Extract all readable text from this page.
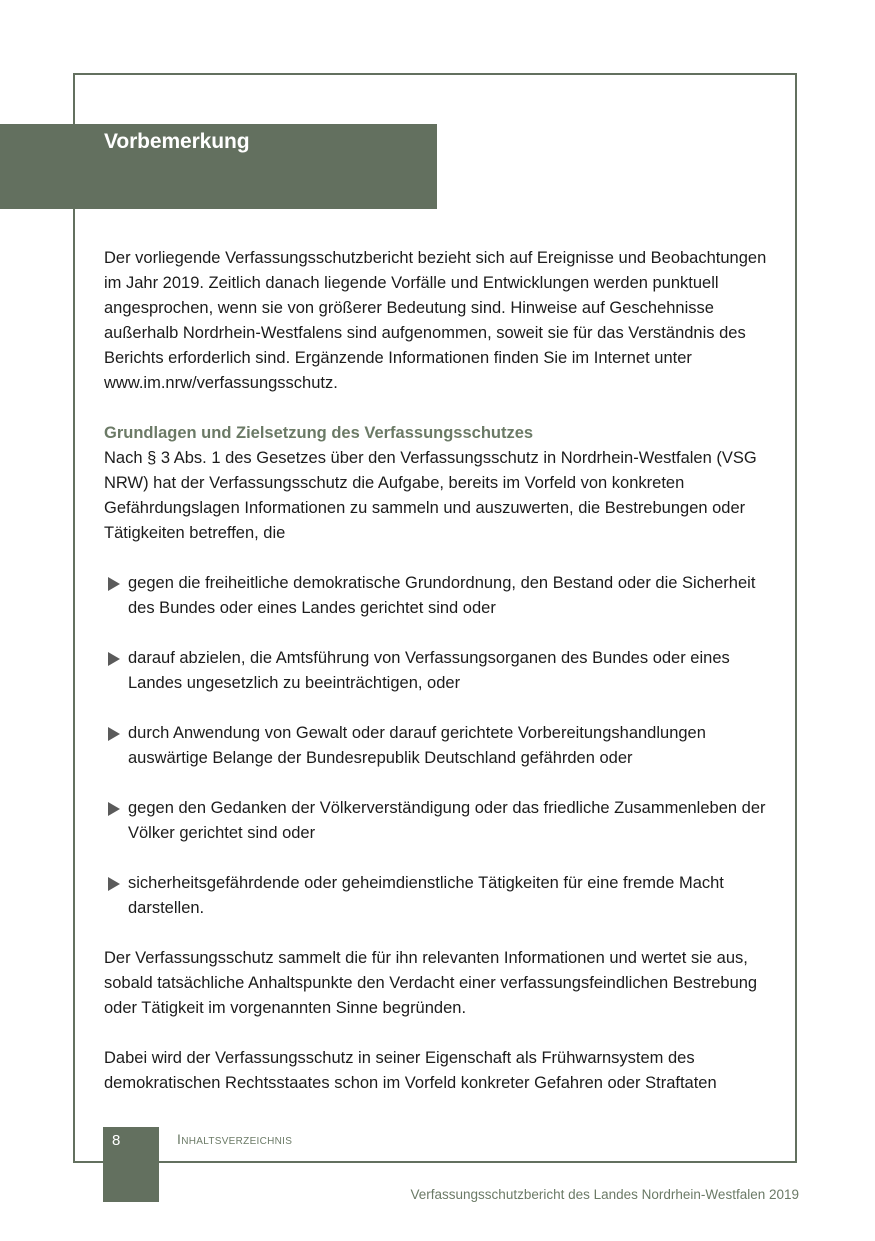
Vorbemerkung

Der vorliegende Verfassungsschutzbericht bezieht sich auf Ereignisse und Beobachtungen im Jahr 2019. Zeitlich danach liegende Vorfälle und Entwicklungen werden punktuell angesprochen, wenn sie von größerer Bedeutung sind. Hinweise auf Geschehnisse außerhalb Nordrhein-Westfalens sind aufgenommen, soweit sie für das Verständnis des Berichts erforderlich sind. Ergänzende Informationen finden Sie im Internet unter www.im.nrw/verfassungsschutz.

Grundlagen und Zielsetzung des Verfassungsschutzes

Nach § 3 Abs. 1 des Gesetzes über den Verfassungsschutz in Nordrhein-Westfalen (VSG NRW) hat der Verfassungsschutz die Aufgabe, bereits im Vorfeld von konkreten Gefährdungslagen Informationen zu sammeln und auszuwerten, die Bestrebungen oder Tätigkeiten betreffen, die

gegen die freiheitliche demokratische Grundordnung, den Bestand oder die Sicherheit des Bundes oder eines Landes gerichtet sind oder
darauf abzielen, die Amtsführung von Verfassungsorganen des Bundes oder eines Landes ungesetzlich zu beeinträchtigen, oder
durch Anwendung von Gewalt oder darauf gerichtete Vorbereitungshandlungen auswärtige Belange der Bundesrepublik Deutschland gefährden oder
gegen den Gedanken der Völkerverständigung oder das friedliche Zusammenleben der Völker gerichtet sind oder
sicherheitsgefährdende oder geheimdienstliche Tätigkeiten für eine fremde Macht darstellen.

Der Verfassungsschutz sammelt die für ihn relevanten Informationen und wertet sie aus, sobald tatsächliche Anhaltspunkte den Verdacht einer verfassungsfeindlichen Bestrebung oder Tätigkeit im vorgenannten Sinne begründen.

Dabei wird der Verfassungsschutz in seiner Eigenschaft als Frühwarnsystem des demokratischen Rechtsstaates schon im Vorfeld konkreter Gefahren oder Straftaten

8	Inhaltsverzeichnis
Verfassungsschutzbericht des Landes Nordrhein-Westfalen 2019
